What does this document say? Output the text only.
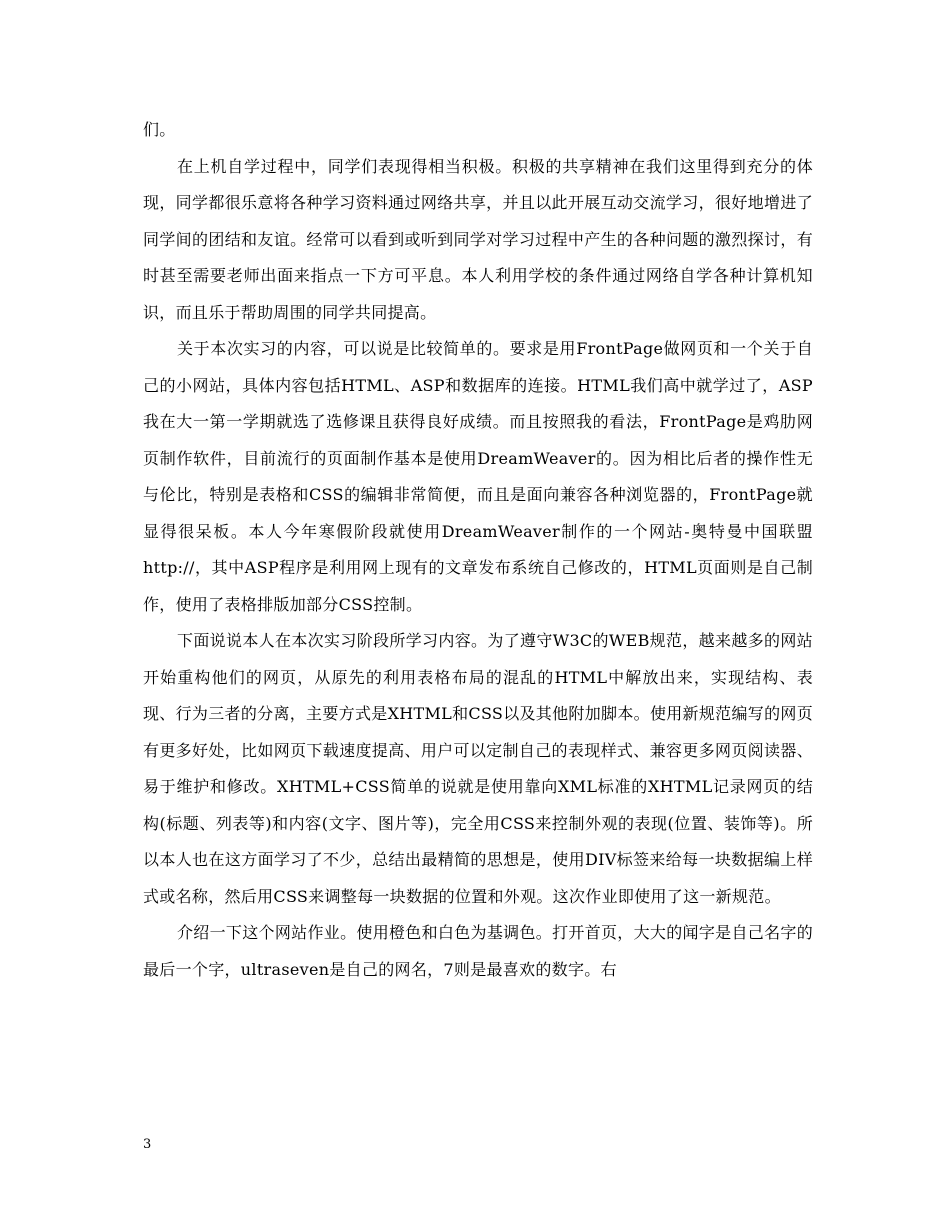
们。

在上机自学过程中，同学们表现得相当积极。积极的共享精神在我们这里得到充分的体现，同学都很乐意将各种学习资料通过网络共享，并且以此开展互动交流学习，很好地增进了同学间的团结和友谊。经常可以看到或听到同学对学习过程中产生的各种问题的激烈探讨，有时甚至需要老师出面来指点一下方可平息。本人利用学校的条件通过网络自学各种计算机知识，而且乐于帮助周围的同学共同提高。

关于本次实习的内容，可以说是比较简单的。要求是用FrontPage做网页和一个关于自己的小网站，具体内容包括HTML、ASP和数据库的连接。HTML我们高中就学过了，ASP我在大一第一学期就选了选修课且获得良好成绩。而且按照我的看法，FrontPage是鸡肋网页制作软件，目前流行的页面制作基本是使用DreamWeaver的。因为相比后者的操作性无与伦比，特别是表格和CSS的编辑非常简便，而且是面向兼容各种浏览器的，FrontPage就显得很呆板。本人今年寒假阶段就使用DreamWeaver制作的一个网站-奥特曼中国联盟http://，其中ASP程序是利用网上现有的文章发布系统自己修改的，HTML页面则是自己制作，使用了表格排版加部分CSS控制。

下面说说本人在本次实习阶段所学习内容。为了遵守W3C的WEB规范，越来越多的网站开始重构他们的网页，从原先的利用表格布局的混乱的HTML中解放出来，实现结构、表现、行为三者的分离，主要方式是XHTML和CSS以及其他附加脚本。使用新规范编写的网页有更多好处，比如网页下载速度提高、用户可以定制自己的表现样式、兼容更多网页阅读器、易于维护和修改。XHTML+CSS简单的说就是使用靠向XML标准的XHTML记录网页的结构(标题、列表等)和内容(文字、图片等)，完全用CSS来控制外观的表现(位置、装饰等)。所以本人也在这方面学习了不少，总结出最精简的思想是，使用DIV标签来给每一块数据编上样式或名称，然后用CSS来调整每一块数据的位置和外观。这次作业即使用了这一新规范。

介绍一下这个网站作业。使用橙色和白色为基调色。打开首页，大大的闻字是自己名字的最后一个字，ultraseven是自己的网名，7则是最喜欢的数字。右

3
